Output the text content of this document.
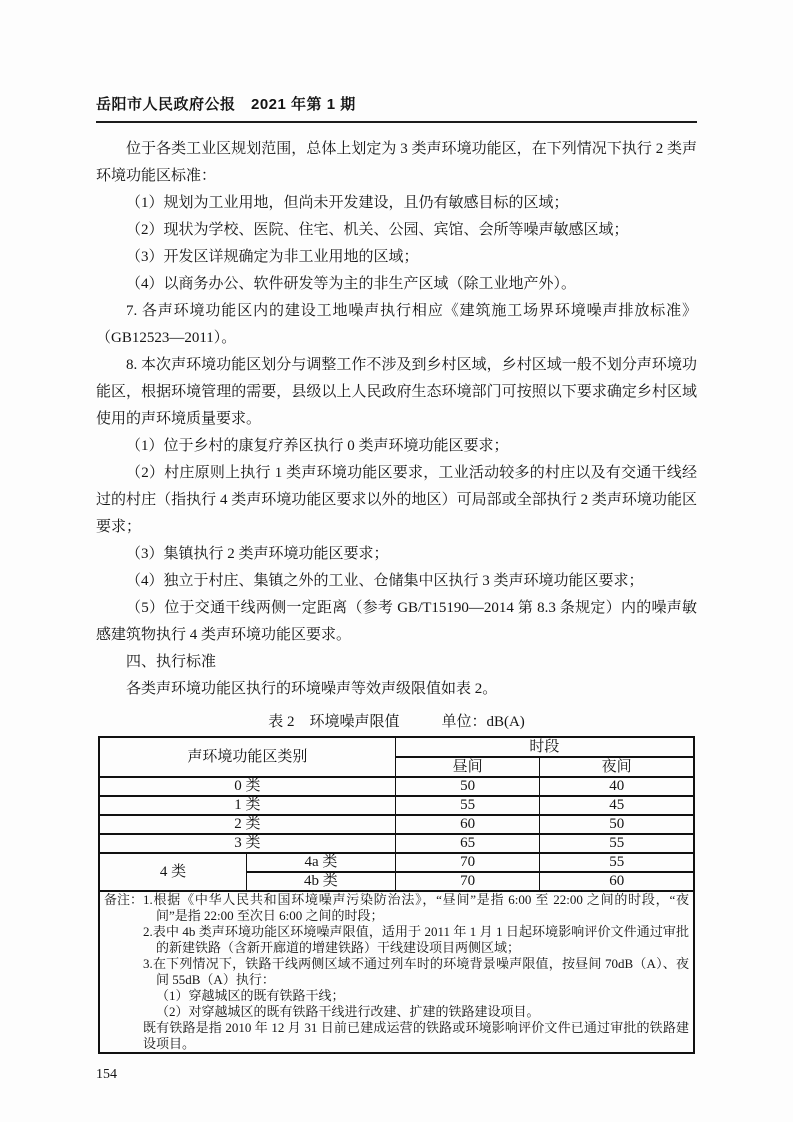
岳阳市人民政府公报　2021 年第 1 期

位于各类工业区规划范围，总体上划定为 3 类声环境功能区，在下列情况下执行 2 类声环境功能区标准：

（1）规划为工业用地，但尚未开发建设，且仍有敏感目标的区域；

（2）现状为学校、医院、住宅、机关、公园、宾馆、会所等噪声敏感区域；

（3）开发区详规确定为非工业用地的区域；

（4）以商务办公、软件研发等为主的非生产区域（除工业地产外）。

7. 各声环境功能区内的建设工地噪声执行相应《建筑施工场界环境噪声排放标准》（GB12523—2011）。

8. 本次声环境功能区划分与调整工作不涉及到乡村区域，乡村区域一般不划分声环境功能区，根据环境管理的需要，县级以上人民政府生态环境部门可按照以下要求确定乡村区域使用的声环境质量要求。

（1）位于乡村的康复疗养区执行 0 类声环境功能区要求；

（2）村庄原则上执行 1 类声环境功能区要求，工业活动较多的村庄以及有交通干线经过的村庄（指执行 4 类声环境功能区要求以外的地区）可局部或全部执行 2 类声环境功能区要求；

（3）集镇执行 2 类声环境功能区要求；

（4）独立于村庄、集镇之外的工业、仓储集中区执行 3 类声环境功能区要求；

（5）位于交通干线两侧一定距离（参考 GB/T15190—2014 第 8.3 条规定）内的噪声敏感建筑物执行 4 类声环境功能区要求。

四、执行标准

各类声环境功能区执行的环境噪声等效声级限值如表 2。

表 2　环境噪声限值	单位：dB(A)
声环境功能区类别		时段	
		昼间	夜间
0 类		50	40
1 类		55	45
2 类		60	50
3 类		65	55
4 类	4a 类	70	55
	4b 类	70	60

备注： 1.根据《中华人民共和国环境噪声污染防治法》，“昼间”是指 6:00 至 22:00 之间的时段，“夜间”是指 22:00 至次日 6:00 之间的时段；
2.表中 4b 类声环境功能区环境噪声限值，适用于 2011 年 1 月 1 日起环境影响评价文件通过审批的新建铁路（含新开廊道的增建铁路）干线建设项目两侧区域；
3.在下列情况下，铁路干线两侧区域不通过列车时的环境背景噪声限值，按昼间 70dB（A）、夜间 55dB（A）执行：
（1）穿越城区的既有铁路干线；
（2）对穿越城区的既有铁路干线进行改建、扩建的铁路建设项目。
既有铁路是指 2010 年 12 月 31 日前已建成运营的铁路或环境影响评价文件已通过审批的铁路建设项目。
154
